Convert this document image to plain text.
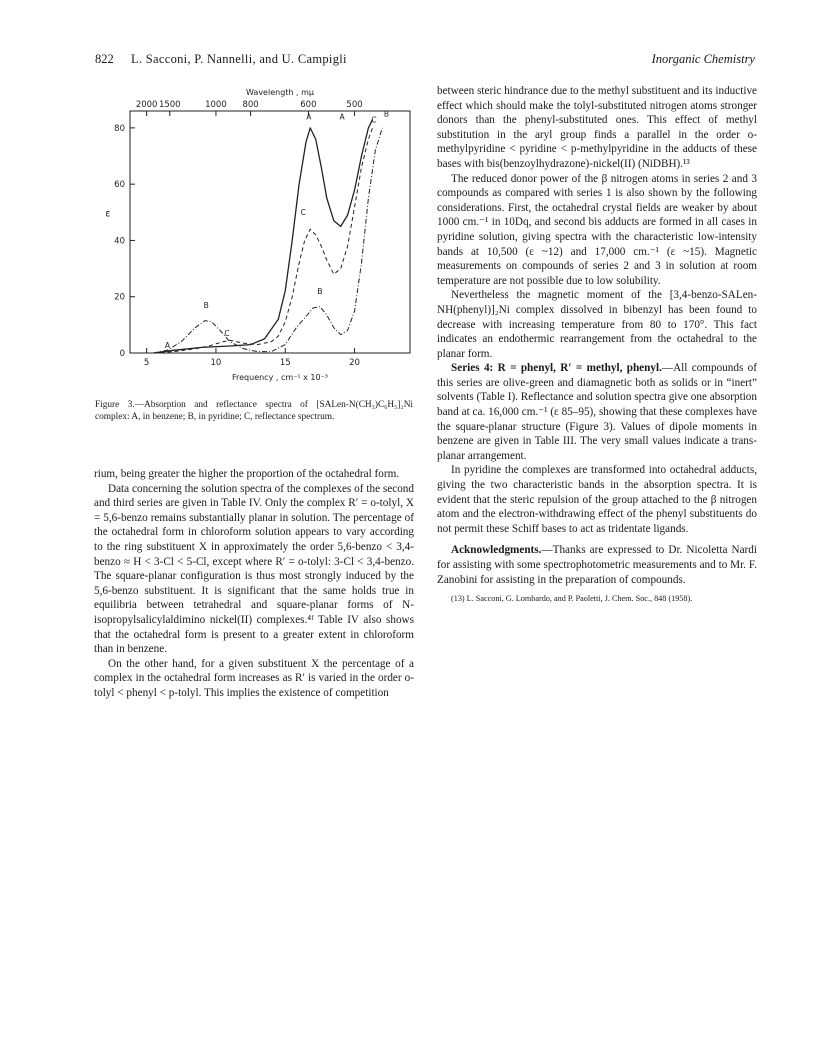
822 L. Sacconi, P. Nannelli, and U. Campigli	Inorganic Chemistry
5	10	15	20
0
20
40
60
80
2000 1500	1000 800	600	500
Wavelength , mμ
Frequency , cm⁻¹ x 10⁻³
ε
A
B
C
A	A
C
C
B
B
Figure 3.—Absorption and reflectance spectra of [SALen-N(CH₃)C₆H₅]₂Ni complex: A, in benzene; B, in pyridine; C, reflectance spectrum.

rium, being greater the higher the proportion of the octahedral form.

Data concerning the solution spectra of the complexes of the second and third series are given in Table IV. Only the complex R′ = o-tolyl, X = 5,6-benzo remains substantially planar in solution. The percentage of the octahedral form in chloroform solution appears to vary according to the ring substituent X in approximately the order 5,6-benzo < 3,4-benzo ≈ H < 3-Cl < 5-Cl, except where R′ = o-tolyl: 3-Cl < 3,4-benzo. The square-planar configuration is thus most strongly induced by the 5,6-benzo substituent. It is significant that the same holds true in equilibria between tetrahedral and square-planar forms of N-isopropylsalicylaldimino nickel(II) complexes.⁴ᶠ Table IV also shows that the octahedral form is present to a greater extent in chloroform than in benzene.

On the other hand, for a given substituent X the percentage of a complex in the octahedral form increases as R′ is varied in the order o-tolyl < phenyl < p-tolyl. This implies the existence of competition

between steric hindrance due to the methyl substituent and its inductive effect which should make the tolyl-substituted nitrogen atoms stronger donors than the phenyl-substituted ones. This effect of methyl substitution in the aryl group finds a parallel in the order o-methylpyridine < pyridine < p-methylpyridine in the adducts of these bases with bis(benzoylhydrazone)-nickel(II) (NiDBH).¹³

The reduced donor power of the β nitrogen atoms in series 2 and 3 compounds as compared with series 1 is also shown by the following considerations. First, the octahedral crystal fields are weaker by about 1000 cm.⁻¹ in 10Dq, and second bis adducts are formed in all cases in pyridine solution, giving spectra with the characteristic low-intensity bands at 10,500 (ε ~12) and 17,000 cm.⁻¹ (ε ~15). Magnetic measurements on compounds of series 2 and 3 in solution at room temperature are not possible due to low solubility.

Nevertheless the magnetic moment of the [3,4-benzo-SALen-NH(phenyl)]₂Ni complex dissolved in bibenzyl has been found to decrease with increasing temperature from 80 to 170°. This fact indicates an endothermic rearrangement from the octahedral to the planar form.

Series 4: R = phenyl, R′ = methyl, phenyl.—All compounds of this series are olive-green and diamagnetic both as solids or in “inert” solvents (Table I). Reflectance and solution spectra give one absorption band at ca. 16,000 cm.⁻¹ (ε 85–95), showing that these complexes have the square-planar structure (Figure 3). Values of dipole moments in benzene are given in Table III. The very small values indicate a trans-planar arrangement.

In pyridine the complexes are transformed into octahedral adducts, giving the two characteristic bands in the absorption spectra. It is evident that the steric repulsion of the group attached to the β nitrogen atom and the electron-withdrawing effect of the phenyl substituents do not permit these Schiff bases to act as tridentate ligands.

Acknowledgments.—Thanks are expressed to Dr. Nicoletta Nardi for assisting with some spectrophotometric measurements and to Mr. F. Zanobini for assisting in the preparation of compounds.

(13) L. Sacconi, G. Lombardo, and P. Paoletti, J. Chem. Soc., 848 (1958).
